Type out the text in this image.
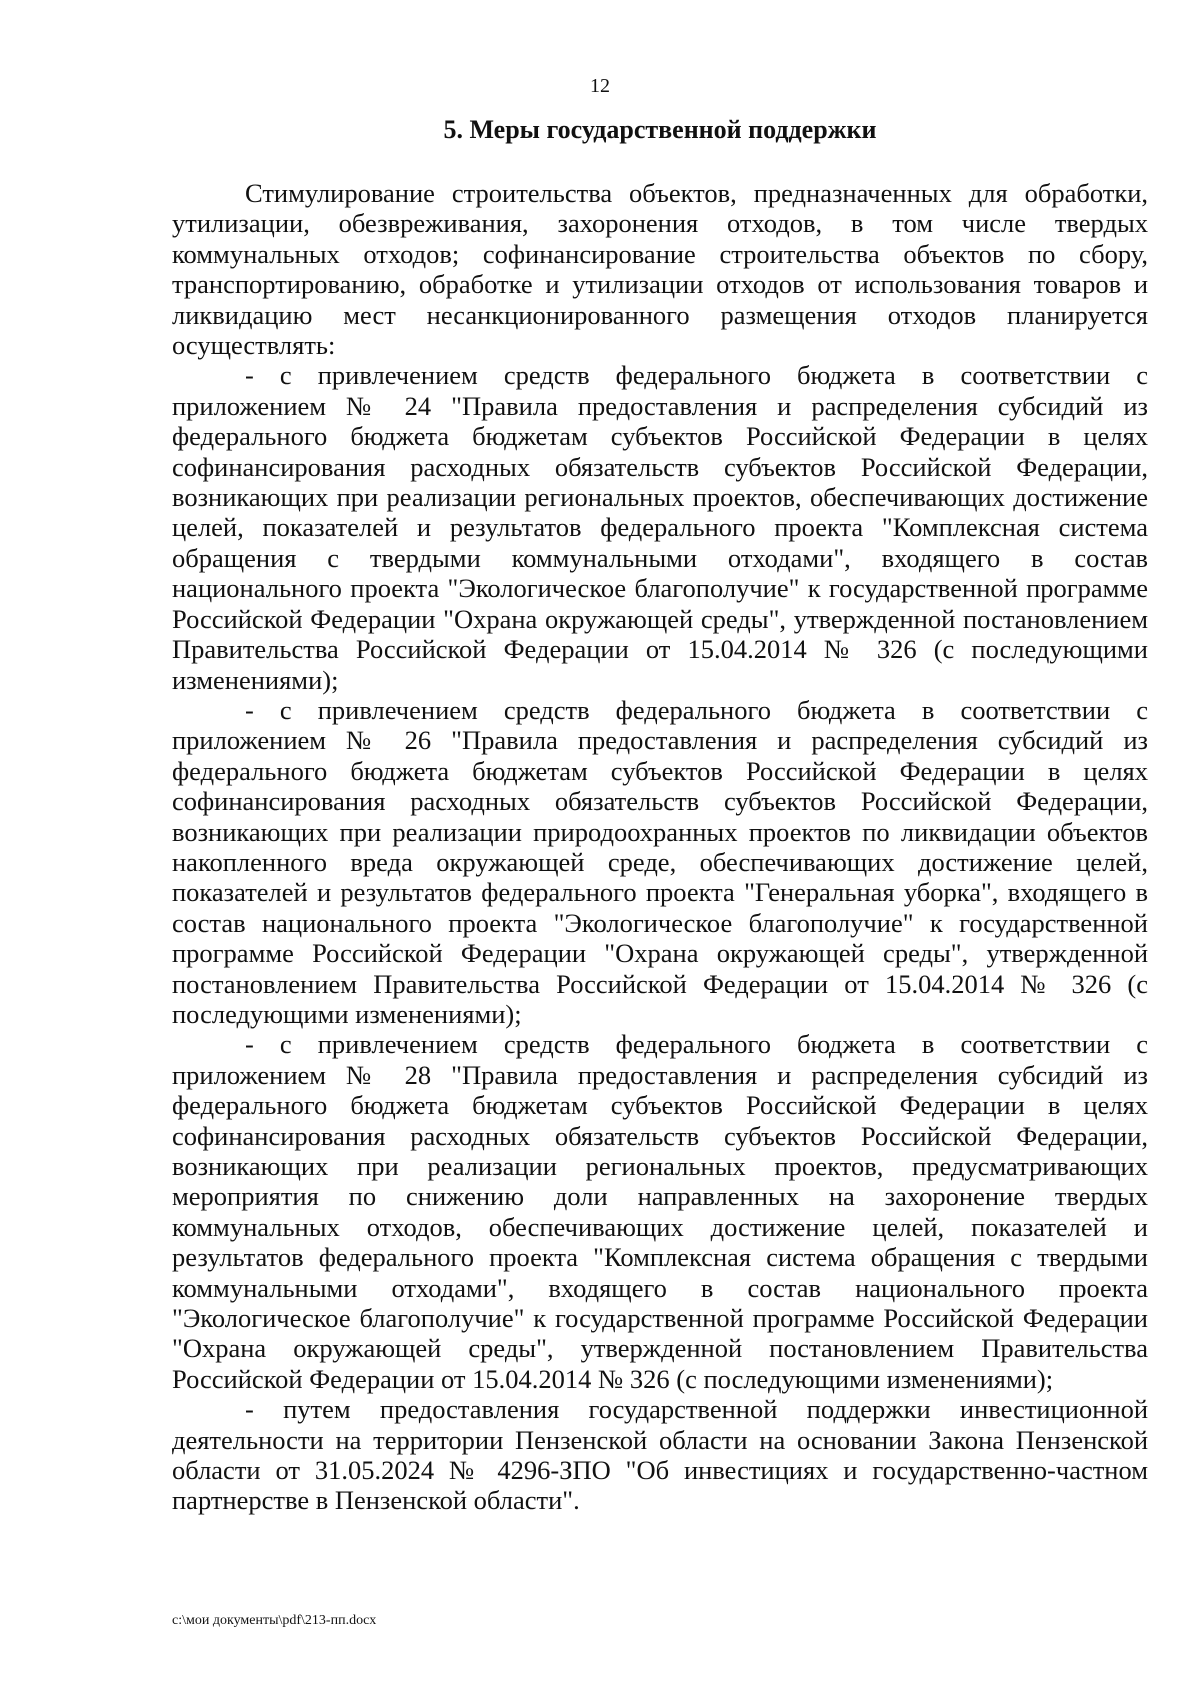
12
5. Меры государственной поддержки

Стимулирование строительства объектов, предназначенных для обработки, утилизации, обезвреживания, захоронения отходов, в том числе твердых коммунальных отходов; софинансирование строительства объектов по сбору, транспортированию, обработке и утилизации отходов от использования товаров и ликвидацию мест несанкционированного размещения отходов планируется осуществлять:

- с привлечением средств федерального бюджета в соответствии с приложением № 24 "Правила предоставления и распределения субсидий из федерального бюджета бюджетам субъектов Российской Федерации в целях софинансирования расходных обязательств субъектов Российской Федерации, возникающих при реализации региональных проектов, обеспечивающих достижение целей, показателей и результатов федерального проекта "Комплексная система обращения с твердыми коммунальными отходами", входящего в состав национального проекта "Экологическое благополучие" к государственной программе Российской Федерации "Охрана окружающей среды", утвержденной постановлением Правительства Российской Федерации от 15.04.2014 № 326 (с последующими изменениями);

- с привлечением средств федерального бюджета в соответствии с приложением № 26 "Правила предоставления и распределения субсидий из федерального бюджета бюджетам субъектов Российской Федерации в целях софинансирования расходных обязательств субъектов Российской Федерации, возникающих при реализации природоохранных проектов по ликвидации объектов накопленного вреда окружающей среде, обеспечивающих достижение целей, показателей и результатов федерального проекта "Генеральная уборка", входящего в состав национального проекта "Экологическое благополучие" к государственной программе Российской Федерации "Охрана окружающей среды", утвержденной постановлением Правительства Российской Федерации от 15.04.2014 № 326 (с последующими изменениями);

- с привлечением средств федерального бюджета в соответствии с приложением № 28 "Правила предоставления и распределения субсидий из федерального бюджета бюджетам субъектов Российской Федерации в целях софинансирования расходных обязательств субъектов Российской Федерации, возникающих при реализации региональных проектов, предусматривающих мероприятия по снижению доли направленных на захоронение твердых коммунальных отходов, обеспечивающих достижение целей, показателей и результатов федерального проекта "Комплексная система обращения с твердыми коммунальными отходами", входящего в состав национального проекта "Экологическое благополучие" к государственной программе Российской Федерации "Охрана окружающей среды", утвержденной постановлением Правительства Российской Федерации от 15.04.2014 № 326 (с последующими изменениями);

- путем предоставления государственной поддержки инвестиционной деятельности на территории Пензенской области на основании Закона Пензенской области от 31.05.2024 № 4296-ЗПО "Об инвестициях и государственно-частном партнерстве в Пензенской области".

c:\мои документы\pdf\213-пп.docx
